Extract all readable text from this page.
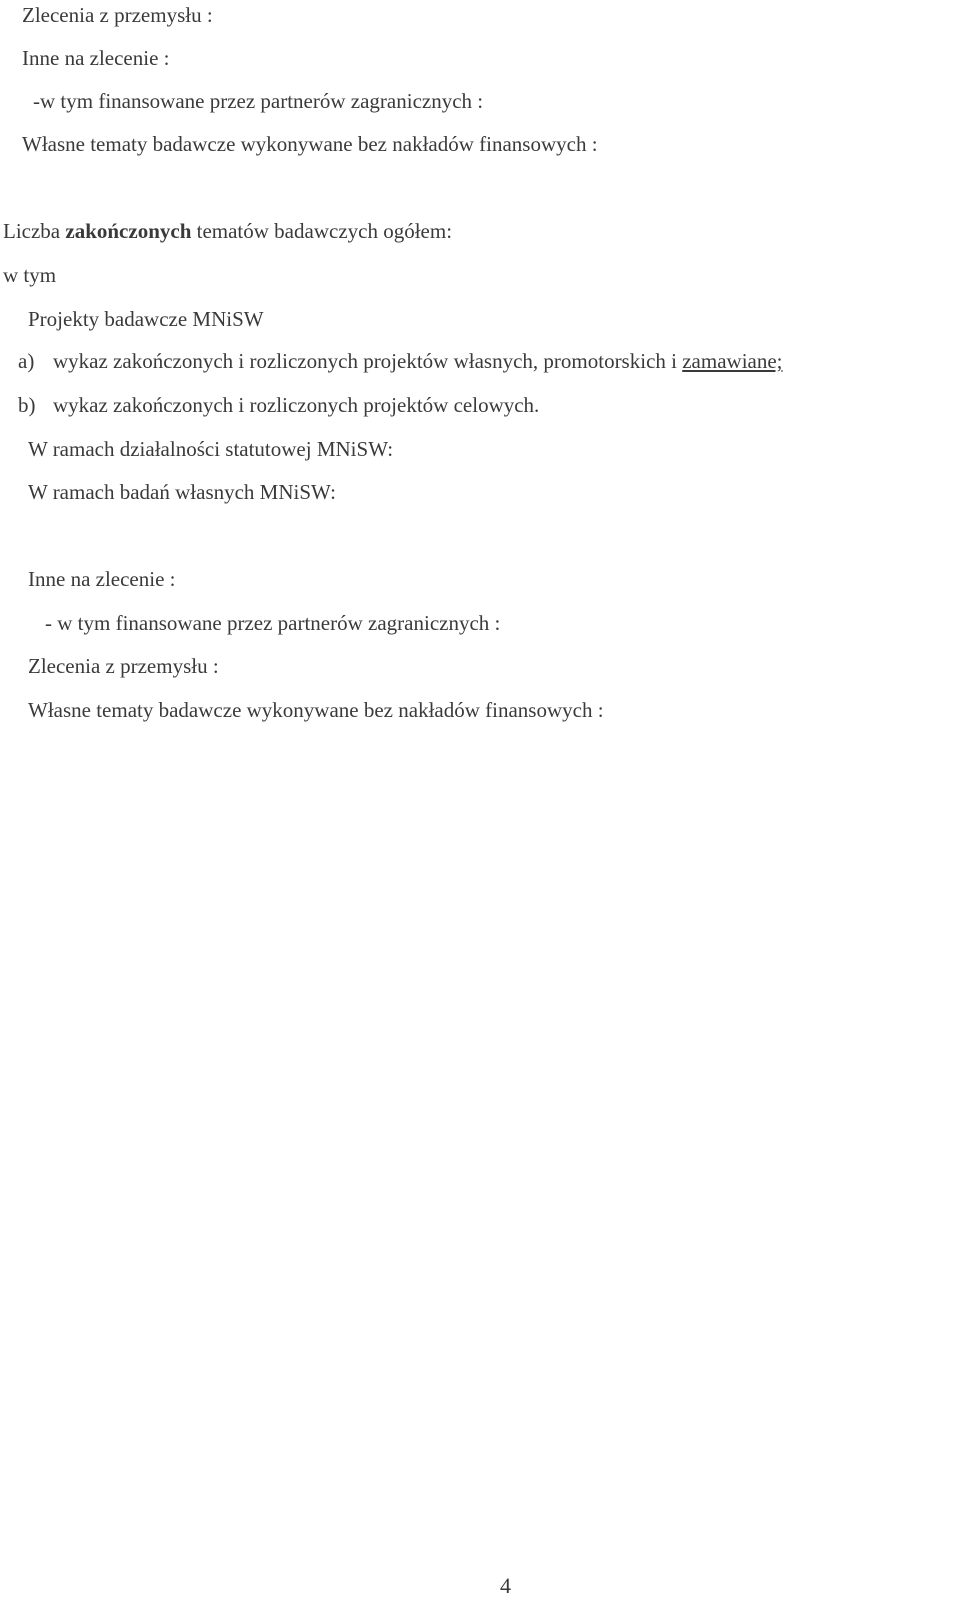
Zlecenia z przemysłu :

Inne na zlecenie :

-w tym finansowane przez partnerów zagranicznych :

Własne tematy badawcze wykonywane bez nakładów finansowych :

Liczba zakończonych tematów badawczych ogółem:

w tym

Projekty badawcze MNiSW

a) wykaz zakończonych i rozliczonych projektów własnych, promotorskich i zamawiane;

b) wykaz zakończonych i rozliczonych projektów celowych.

W ramach działalności statutowej MNiSW:

W ramach badań własnych MNiSW:

Inne na zlecenie :

- w tym finansowane przez partnerów zagranicznych :

Zlecenia z przemysłu :

Własne tematy badawcze wykonywane bez nakładów finansowych :

4
